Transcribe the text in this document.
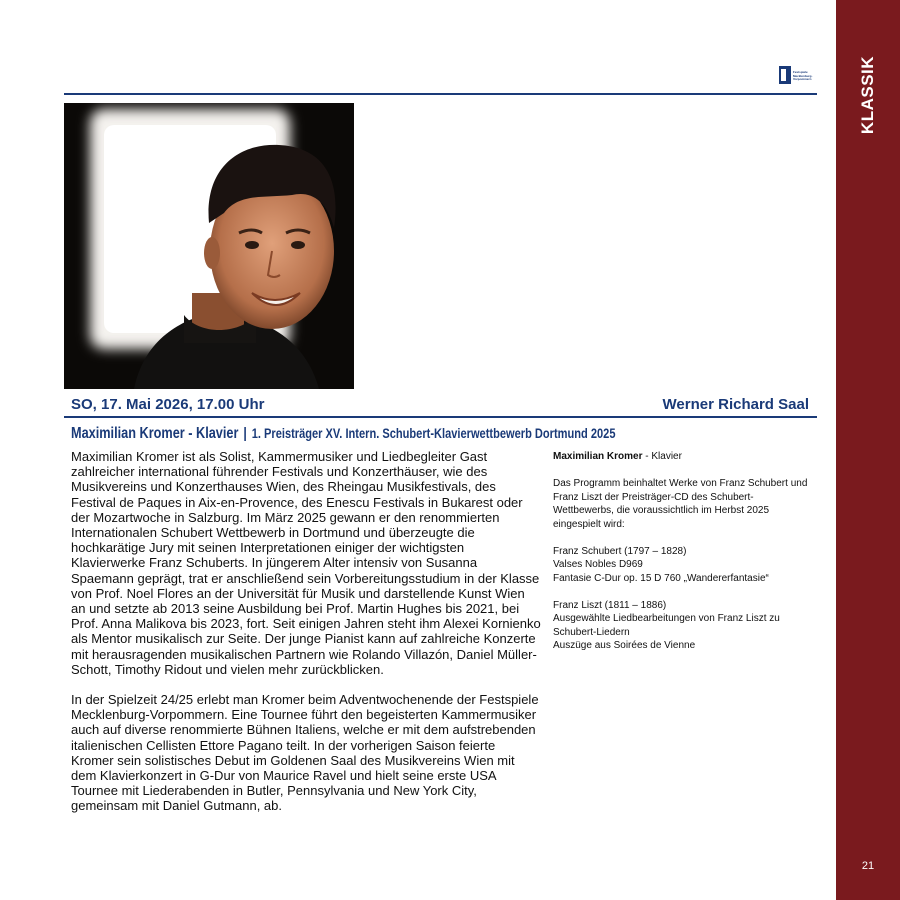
KLASSIK
21
Festspiele Mecklenburg-Vorpommern
SO, 17. Mai 2026, 17.00 Uhr	Werner Richard Saal
Maximilian Kromer - Klavier | 1. Preisträger XV. Intern. Schubert-Klavierwettbewerb Dortmund 2025

Maximilian Kromer ist als Solist, Kammermusiker und Liedbegleiter Gast zahlreicher international führender Festivals und Konzerthäuser, wie des Musikvereins und Konzerthauses Wien, des Rheingau Musikfestivals, des Festival de Paques in Aix-en-Provence, des Enescu Festivals in Bukarest oder der Mozartwoche in Salzburg. Im März 2025 gewann er den renommierten Internationalen Schubert Wettbewerb in Dortmund und überzeugte die hochkarätige Jury mit seinen Interpretationen einiger der wichtigsten Klavierwerke Franz Schuberts. In jüngerem Alter intensiv von Susanna Spaemann geprägt, trat er anschließend sein Vorbereitungsstudium in der Klasse von Prof. Noel Flores an der Universität für Musik und darstellende Kunst Wien an und setzte ab 2013 seine Ausbildung bei Prof. Martin Hughes bis 2021, bei Prof. Anna Malikova bis 2023, fort. Seit einigen Jahren steht ihm Alexei Kornienko als Mentor musikalisch zur Seite. Der junge Pianist kann auf zahlreiche Konzerte mit herausragenden musikalischen Partnern wie Rolando Villazón, Daniel Müller-Schott, Timothy Ridout und vielen mehr zurückblicken.

In der Spielzeit 24/25 erlebt man Kromer beim Adventwochenende der Festspiele Mecklenburg-Vorpommern. Eine Tournee führt den begeisterten Kammermusiker auch auf diverse renommierte Bühnen Italiens, welche er mit dem aufstrebenden italienischen Cellisten Ettore Pagano teilt. In der vorherigen Saison feierte Kromer sein solistisches Debut im Goldenen Saal des Musikvereins Wien mit dem Klavierkonzert in G-Dur von Maurice Ravel und hielt seine erste USA Tournee mit Liederabenden in Butler, Pennsylvania und New York City, gemeinsam mit Daniel Gutmann, ab.

Maximilian Kromer - Klavier

Das Programm beinhaltet Werke von Franz Schubert und Franz Liszt der Preisträger-CD des Schubert-Wettbewerbs, die voraussichtlich im Herbst 2025 eingespielt wird:

Franz Schubert (1797 – 1828)
Valses Nobles D969
Fantasie C-Dur op. 15 D 760 „Wandererfantasie“

Franz Liszt (1811 – 1886)
Ausgewählte Liedbearbeitungen von Franz Liszt zu Schubert-Liedern
Auszüge aus Soirées de Vienne
